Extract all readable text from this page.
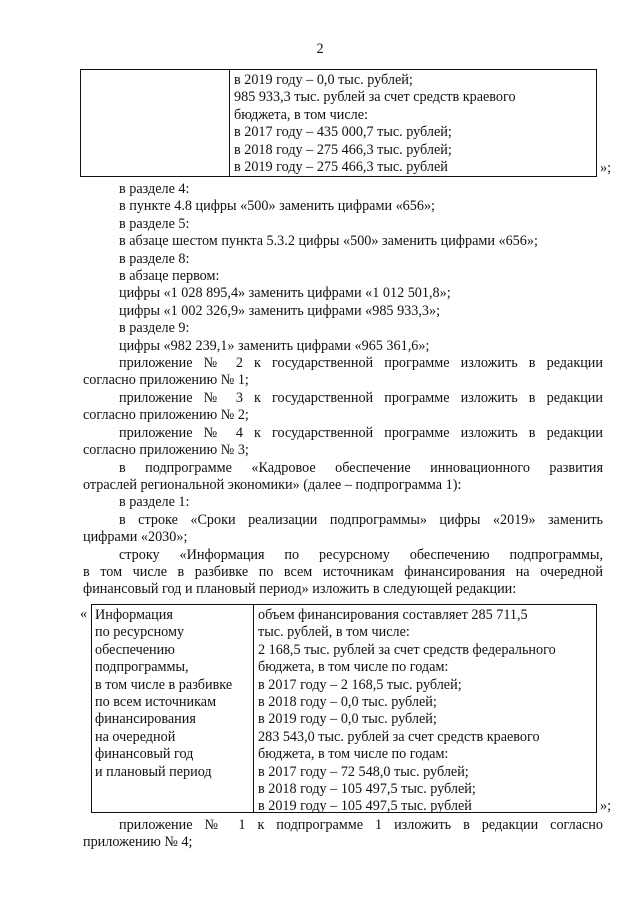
2
в 2019 году – 0,0 тыс. рублей;
985 933,3 тыс. рублей за счет средств краевого
бюджета, в том числе:
в 2017 году – 435 000,7 тыс. рублей;
в 2018 году – 275 466,3 тыс. рублей;
в 2019 году – 275 466,3 тыс. рублей	»;
в разделе 4:
в пункте 4.8 цифры «500» заменить цифрами «656»;
в разделе 5:
в абзаце шестом пункта 5.3.2 цифры «500» заменить цифрами «656»;
в разделе 8:
в абзаце первом:
цифры «1 028 895,4» заменить цифрами «1 012 501,8»;
цифры «1 002 326,9» заменить цифрами «985 933,3»;
в разделе 9:
цифры «982 239,1» заменить цифрами «965 361,6»;
приложение № 2 к государственной программе изложить в редакции
согласно приложению № 1;
приложение № 3 к государственной программе изложить в редакции
согласно приложению № 2;
приложение № 4 к государственной программе изложить в редакции
согласно приложению № 3;
в подпрограмме «Кадровое обеспечение инновационного развития
отраслей региональной экономики» (далее – подпрограмма 1):
в разделе 1:
в строке «Сроки реализации подпрограммы» цифры «2019» заменить
цифрами «2030»;
строку «Информация по ресурсному обеспечению подпрограммы,
в том числе в разбивке по всем источникам финансирования на очередной
финансовый год и плановый период» изложить в следующей редакции:
« Информация
по ресурсному
обеспечению
подпрограммы,
в том числе в разбивке
по всем источникам
финансирования
на очередной
финансовый год
и плановый период
объем финансирования составляет 285 711,5
тыс. рублей, в том числе:
2 168,5 тыс. рублей за счет средств федерального
бюджета, в том числе по годам:
в 2017 году – 2 168,5 тыс. рублей;
в 2018 году – 0,0 тыс. рублей;
в 2019 году – 0,0 тыс. рублей;
283 543,0 тыс. рублей за счет средств краевого
бюджета, в том числе по годам:
в 2017 году – 72 548,0 тыс. рублей;
в 2018 году – 105 497,5 тыс. рублей;
в 2019 году – 105 497,5 тыс. рублей	»;
приложение № 1 к подпрограмме 1 изложить в редакции согласно
приложению № 4;
